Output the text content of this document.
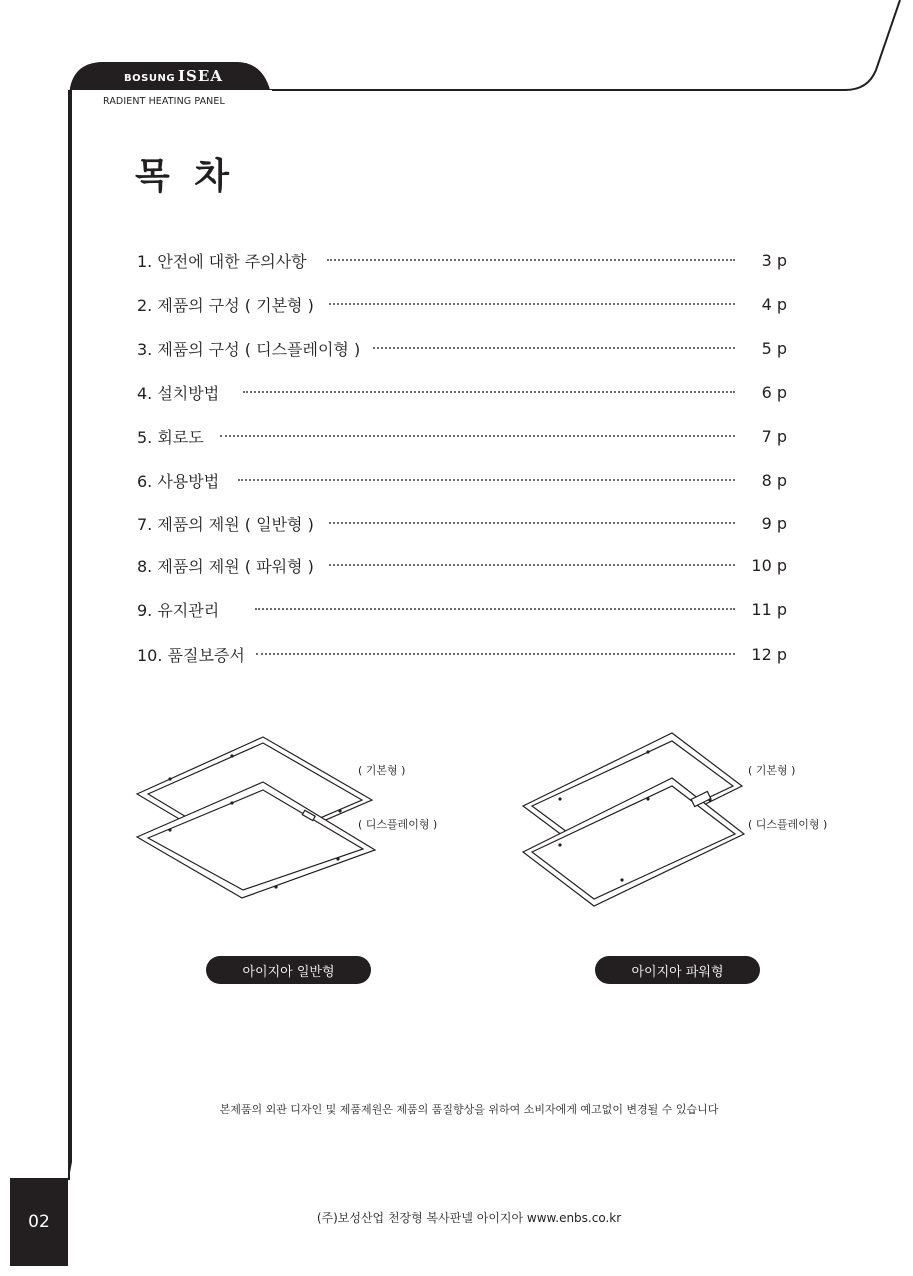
BOSUNG ISEA
RADIENT HEATING PANEL
목 차
1. 안전에 대한 주의사항	3 p
2. 제품의 구성 ( 기본형 )	4 p
3. 제품의 구성 ( 디스플레이형 )	5 p
4. 설치방법	6 p
5. 회로도	7 p
6. 사용방법	8 p
7. 제품의 제원 ( 일반형 )	9 p
8. 제품의 제원 ( 파워형 )	10 p
9. 유지관리	11 p
10. 품질보증서	12 p
( 기본형 )
( 디스플레이형 )
( 기본형 )
( 디스플레이형 )
아이지아 일반형	아이지아 파워형
본제품의 외관 디자인 및 제품제원은 제품의 품질향상을 위하여 소비자에게 예고없이 변경될 수 있습니다
(주)보성산업 천장형 복사판넬 아이지아 www.enbs.co.kr
02
